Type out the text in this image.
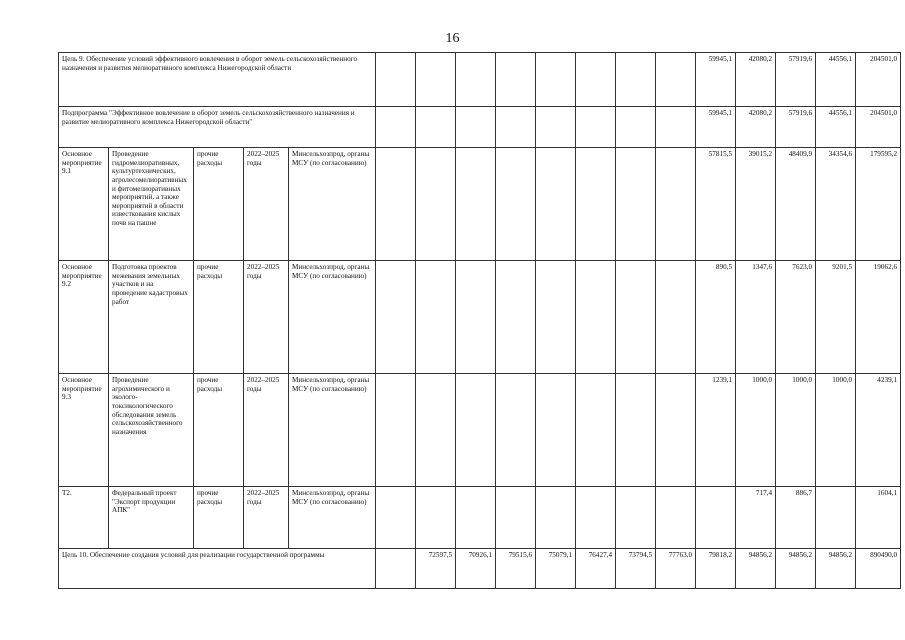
16
Цель 9. Обеспечение условий эффективного вовлечения в оборот земель сельскохозяйственного назначения и развития мелиоративного комплекса Нижегородской области													59945,1	42080,2	57919,6	44556,1	204501,0
Подпрограмма "Эффективное вовлечение в оборот земель сельскохозяйственного назначения и развитие мелиоративного комплекса Нижегородской области"													59945,1	42080,2	57919,6	44556,1	204501,0
Основное мероприятие 9.1	Проведение гидромелиоративных, культуртехнических, агролесомелиоративных и фитомелиоративных мероприятий, а также мероприятий в области известкования кислых почв на пашне	прочие расходы	2022–2025 годы	Минсельхозпрод, органы МСУ (по согласованию)									57815,5	39015,2	48409,9	34354,6	179595,2
Основное мероприятие 9.2	Подготовка проектов межевания земельных участков и на проведение кадастровых работ	прочие расходы	2022–2025 годы	Минсельхозпрод, органы МСУ (по согласованию)									890,5	1347,6	7623,0	9201,5	19062,6
Основное мероприятие 9.3	Проведение агрохимического и эколого-токсикологического обследования земель сельскохозяйственного назначения	прочие расходы	2022–2025 годы	Минсельхозпрод, органы МСУ (по согласованию)									1239,1	1000,0	1000,0	1000,0	4239,1
Т2.	Федеральный проект "Экспорт продукции АПК"	прочие расходы	2022–2025 годы	Минсельхозпрод, органы МСУ (по согласованию)										717,4	886,7		1604,1
Цель 10. Обеспечение создания условий для реализации государственной программы						72597,5	70926,1	79515,6	75079,1	76427,4	73794,5	77763,0	79818,2	94856,2	94856,2	94856,2	890490,0
